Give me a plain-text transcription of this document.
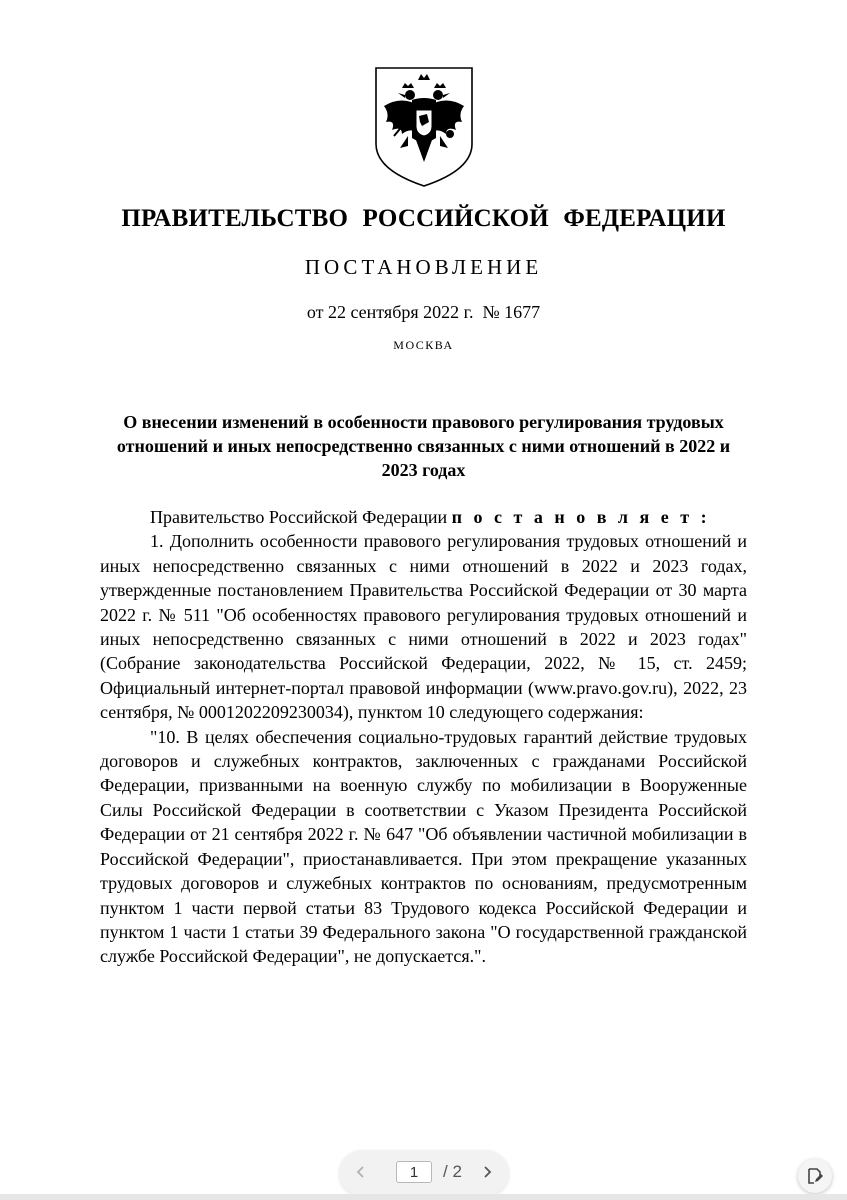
ПРАВИТЕЛЬСТВО РОССИЙСКОЙ ФЕДЕРАЦИИ
ПОСТАНОВЛЕНИЕ
от 22 сентября 2022 г.  № 1677
МОСКВА
О внесении изменений в особенности правового регулирования трудовых отношений и иных непосредственно связанных с ними отношений в 2022 и 2023 годах

Правительство Российской Федерации п о с т а н о в л я е т :

1. Дополнить особенности правового регулирования трудовых отношений и иных непосредственно связанных с ними отношений в 2022 и 2023 годах, утвержденные постановлением Правительства Российской Федерации от 30 марта 2022 г. № 511 "Об особенностях правового регулирования трудовых отношений и иных непосредственно связанных с ними отношений в 2022 и 2023 годах" (Собрание законодательства Российской Федерации, 2022, № 15, ст. 2459; Официальный интернет-портал правовой информации (www.pravo.gov.ru), 2022, 23 сентября, № 0001202209230034), пунктом 10 следующего содержания:

"10. В целях обеспечения социально-трудовых гарантий действие трудовых договоров и служебных контрактов, заключенных с гражданами Российской Федерации, призванными на военную службу по мобилизации в Вооруженные Силы Российской Федерации в соответствии с Указом Президента Российской Федерации от 21 сентября 2022 г. № 647 "Об объявлении частичной мобилизации в Российской Федерации", приостанавливается. При этом прекращение указанных трудовых договоров и служебных контрактов по основаниям, предусмотренным пунктом 1 части первой статьи 83 Трудового кодекса Российской Федерации и пунктом 1 части 1 статьи 39 Федерального закона "О государственной гражданской службе Российской Федерации", не допускается.".

1	/ 2
